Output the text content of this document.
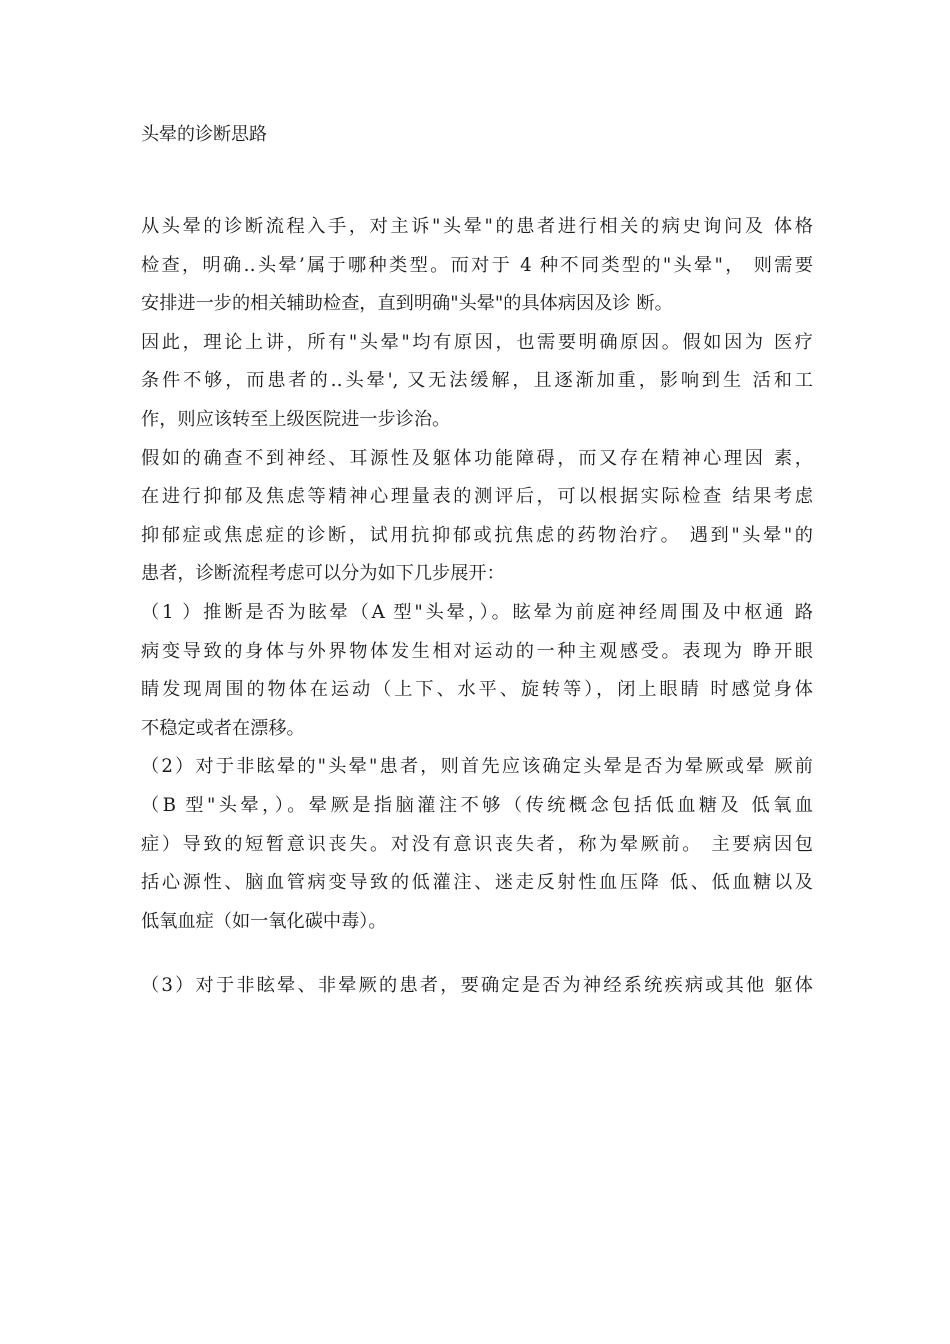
头晕的诊断思路
从头晕的诊断流程入手，对主诉"头晕"的患者进行相关的病史询问及 体格
检查，明确‥头晕’属于哪种类型。而对于 4 种不同类型的"头晕"， 则需要
安排进一步的相关辅助检查，直到明确"头晕"的具体病因及诊 断。
因此，理论上讲，所有"头晕"均有原因，也需要明确原因。假如因为 医疗
条件不够，而患者的‥头晕', 又无法缓解，且逐渐加重，影响到生 活和工
作，则应该转至上级医院进一步诊治。
假如的确查不到神经、耳源性及躯体功能障碍，而又存在精神心理因 素，
在进行抑郁及焦虑等精神心理量表的测评后，可以根据实际检查 结果考虑
抑郁症或焦虑症的诊断，试用抗抑郁或抗焦虑的药物治疗。 遇到"头晕"的
患者，诊断流程考虑可以分为如下几步展开：
（1 ）推断是否为眩晕（A 型"头晕，）。眩晕为前庭神经周围及中枢通 路
病变导致的身体与外界物体发生相对运动的一种主观感受。表现为 睁开眼
睛发现周围的物体在运动（上下、水平、旋转等），闭上眼睛 时感觉身体
不稳定或者在漂移。
（2）对于非眩晕的"头晕"患者，则首先应该确定头晕是否为晕厥或晕 厥前
（B 型"头晕，）。晕厥是指脑灌注不够（传统概念包括低血糖及 低氧血
症）导致的短暂意识丧失。对没有意识丧失者，称为晕厥前。 主要病因包
括心源性、脑血管病变导致的低灌注、迷走反射性血压降 低、低血糖以及
低氧血症（如一氧化碳中毒）。
（3）对于非眩晕、非晕厥的患者，要确定是否为神经系统疾病或其他 躯体
